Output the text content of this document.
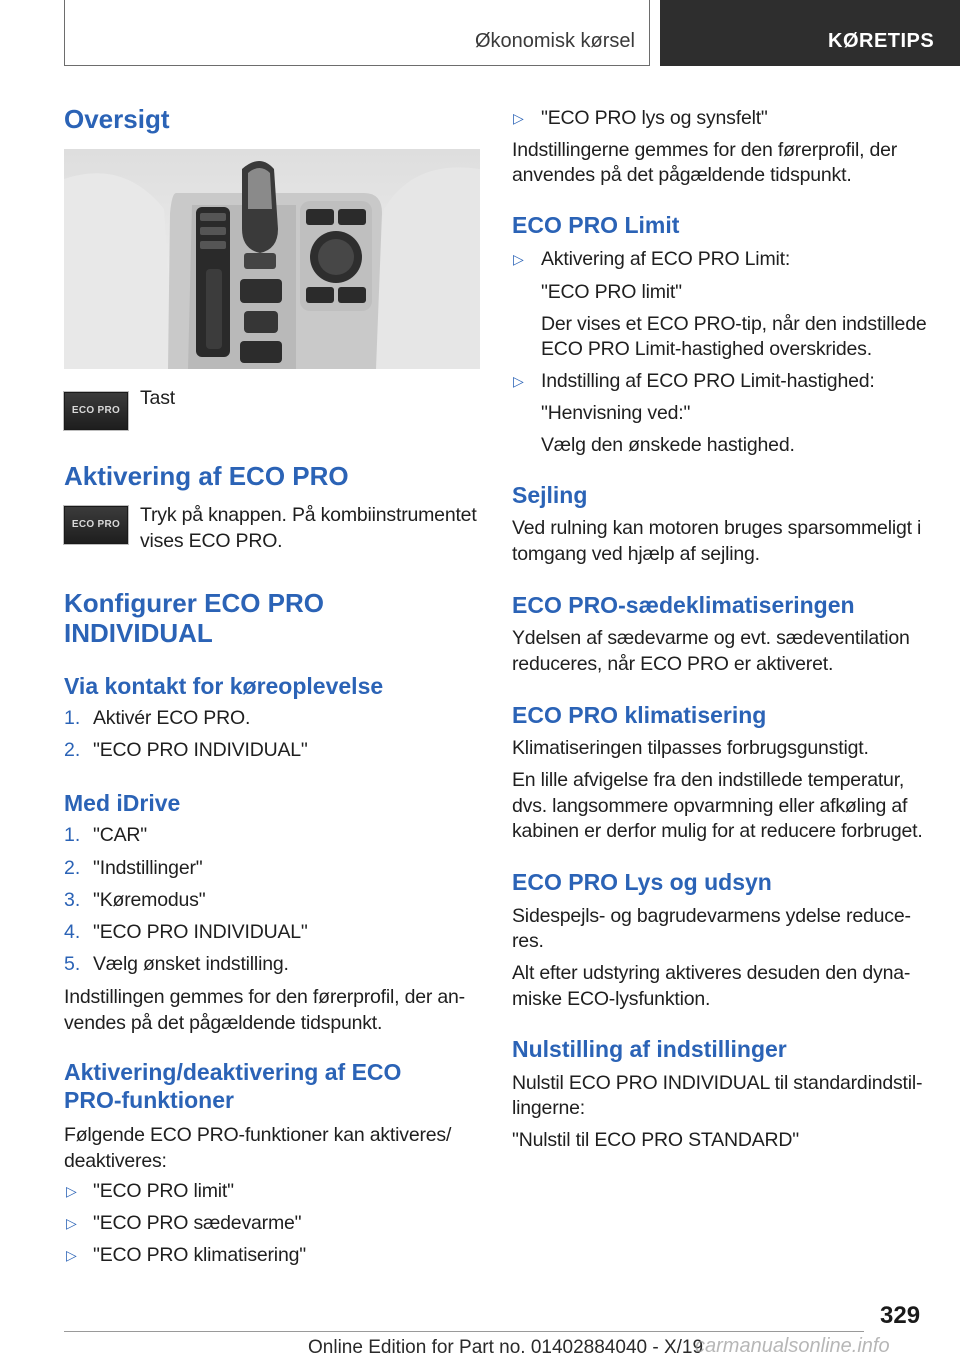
Økonomisk kørsel	KØRETIPS
Oversigt
ECO PRO
Tast
Aktivering af ECO PRO
ECO PRO	Tryk på knappen. På kombiinstrumentet
vises ECO PRO.
Konfigurer ECO PRO
INDIVIDUAL
Via kontakt for køreoplevelse
1. Aktivér ECO PRO.
2. "ECO PRO INDIVIDUAL"
Med iDrive
1. "CAR"
2. "Indstillinger"
3. "Køremodus"
4. "ECO PRO INDIVIDUAL"
5. Vælg ønsket indstilling.
Indstillingen gemmes for den førerprofil, der an-
vendes på det pågældende tidspunkt.
Aktivering/deaktivering af ECO
PRO-funktioner
Følgende ECO PRO-funktioner kan aktiveres/
deaktiveres:
▷ "ECO PRO limit"
▷ "ECO PRO sædevarme"
▷ "ECO PRO klimatisering"
▷ "ECO PRO lys og synsfelt"
Indstillingerne gemmes for den førerprofil, der
anvendes på det pågældende tidspunkt.
ECO PRO Limit
▷ Aktivering af ECO PRO Limit:
"ECO PRO limit"
Der vises et ECO PRO-tip, når den indstillede
ECO PRO Limit-hastighed overskrides.
▷ Indstilling af ECO PRO Limit-hastighed:
"Henvisning ved:"
Vælg den ønskede hastighed.
Sejling
Ved rulning kan motoren bruges sparsommeligt i
tomgang ved hjælp af sejling.
ECO PRO-sædeklimatiseringen
Ydelsen af sædevarme og evt. sædeventilation
reduceres, når ECO PRO er aktiveret.
ECO PRO klimatisering
Klimatiseringen tilpasses forbrugsgunstigt.
En lille afvigelse fra den indstillede temperatur,
dvs. langsommere opvarmning eller afkøling af
kabinen er derfor mulig for at reducere forbruget.
ECO PRO Lys og udsyn
Sidespejls- og bagrudevarmens ydelse reduce-
res.
Alt efter udstyring aktiveres desuden den dyna-
miske ECO-lysfunktion.
Nulstilling af indstillinger
Nulstil ECO PRO INDIVIDUAL til standardindstil-
lingerne:
"Nulstil til ECO PRO STANDARD"
329
Online Edition for Part no. 01402884040 - X/19
carmanualsonline.info
